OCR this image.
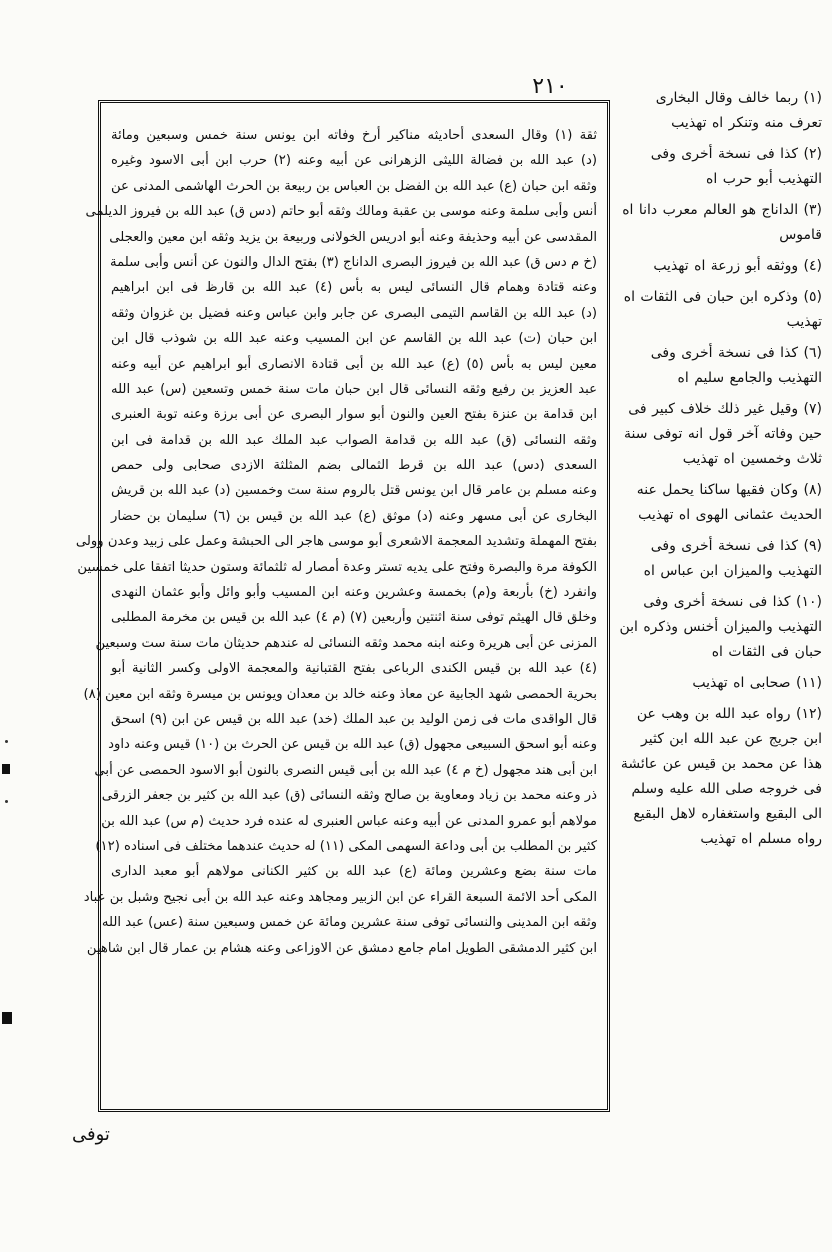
٢١٠
ثقة (١) وقال السعدى أحاديثه مناكير أرخ وفاته ابن يونس سنة خمس وسبعين ومائة
(د) عبد الله بن فضالة الليثى الزهرانى عن أبيه وعنه (٢) حرب ابن أبى الاسود وغيره
وثقه ابن حبان (ع) عبد الله بن الفضل بن العباس بن ربيعة بن الحرث الهاشمى المدنى عن
أنس وأبى سلمة وعنه موسى بن عقبة ومالك وثقه أبو حاتم (دس ق) عبد الله بن فيروز الديلمى
المقدسى عن أبيه وحذيفة وعنه أبو ادريس الخولانى وربيعة بن يزيد وثقه ابن معين والعجلى
(خ م دس ق) عبد الله بن فيروز البصرى الداناج (٣) بفتح الدال والنون عن أنس وأبى سلمة
وعنه قتادة وهمام قال النسائى ليس به بأس (٤) عبد الله بن قارظ فى ابن ابراهيم
(د) عبد الله بن القاسم التيمى البصرى عن جابر وابن عباس وعنه فضيل بن غزوان وثقه
ابن حبان (ت) عبد الله بن القاسم عن ابن المسيب وعنه عبد الله بن شوذب قال ابن
معين ليس به بأس (٥) (ع) عبد الله بن أبى قتادة الانصارى أبو ابراهيم عن أبيه وعنه
عبد العزيز بن رفيع وثقه النسائى قال ابن حبان مات سنة خمس وتسعين (س) عبد الله
ابن قدامة بن عنزة بفتح العين والنون أبو سوار البصرى عن أبى برزة وعنه توبة العنبرى
وثقه النسائى (ق) عبد الله بن قدامة الصواب عبد الملك عبد الله بن قدامة فى ابن
السعدى (دس) عبد الله بن قرط الثمالى بضم المثلثة الازدى صحابى ولى حمص
وعنه مسلم بن عامر قال ابن يونس قتل بالروم سنة ست وخمسين (د) عبد الله بن قريش
البخارى عن أبى مسهر وعنه (د) موثق (ع) عبد الله بن قيس بن (٦) سليمان بن حضار
بفتح المهملة وتشديد المعجمة الاشعرى أبو موسى هاجر الى الحبشة وعمل على زبيد وعدن وولى
الكوفة مرة والبصرة وفتح على يديه تستر وعدة أمصار له ثلثمائة وستون حديثا اتفقا على خمسين
وانفرد (خ) بأربعة و(م) بخمسة وعشرين وعنه ابن المسيب وأبو وائل وأبو عثمان النهدى
وخلق قال الهيثم توفى سنة اثنتين وأربعين (٧) (م ٤) عبد الله بن قيس بن مخرمة المطلبى
المزنى عن أبى هريرة وعنه ابنه محمد وثقه النسائى له عندهم حديثان مات سنة ست وسبعين
(٤) عبد الله بن قيس الكندى الرباعى بفتح القتبانية والمعجمة الاولى وكسر الثانية أبو
بحرية الحمصى شهد الجابية عن معاذ وعنه خالد بن معدان ويونس بن ميسرة وثقه ابن معين (٨)
قال الواقدى مات فى زمن الوليد بن عبد الملك (خد) عبد الله بن قيس عن ابن (٩) اسحق
وعنه أبو اسحق السبيعى مجهول (ق) عبد الله بن قيس عن الحرث بن (١٠) قيس وعنه داود
ابن أبى هند مجهول (خ م ٤) عبد الله بن أبى قيس النصرى بالنون أبو الاسود الحمصى عن أبى
ذر وعنه محمد بن زياد ومعاوية بن صالح وثقه النسائى (ق) عبد الله بن كثير بن جعفر الزرقى
مولاهم أبو عمرو المدنى عن أبيه وعنه عباس العنبرى له عنده فرد حديث (م س) عبد الله بن
كثير بن المطلب بن أبى وداعة السهمى المكى (١١) له حديث عندهما مختلف فى اسناده (١٢)
مات سنة بضع وعشرين ومائة (ع) عبد الله بن كثير الكنانى مولاهم أبو معبد الدارى
المكى أحد الائمة السبعة القراء عن ابن الزبير ومجاهد وعنه عبد الله بن أبى نجيح وشبل بن عباد
وثقه ابن المدينى والنسائى توفى سنة عشرين ومائة عن خمس وسبعين سنة (عس) عبد الله
ابن كثير الدمشقى الطويل امام جامع دمشق عن الاوزاعى وعنه هشام بن عمار قال ابن شاهين
(١) ربما خالف وقال البخارى تعرف منه وتنكر اه تهذيب
(٢) كذا فى نسخة أخرى وفى التهذيب أبو حرب اه
(٣) الداناج هو العالم معرب دانا اه قاموس
(٤) ووثقه أبو زرعة اه تهذيب
(٥) وذكره ابن حبان فى الثقات اه تهذيب
(٦) كذا فى نسخة أخرى وفى التهذيب والجامع سليم اه
(٧) وقيل غير ذلك خلاف كبير فى حين وفاته آخر قول انه توفى سنة ثلاث وخمسين اه تهذيب
(٨) وكان فقيها ساكنا يحمل عنه الحديث عثمانى الهوى اه تهذيب
(٩) كذا فى نسخة أخرى وفى التهذيب والميزان ابن عباس اه
(١٠) كذا فى نسخة أخرى وفى التهذيب والميزان أخنس وذكره ابن حبان فى الثقات اه
(١١) صحابى اه تهذيب
(١٢) رواه عبد الله بن وهب عن ابن جريج عن عبد الله ابن كثير هذا عن محمد بن قيس عن عائشة فى خروجه صلى الله عليه وسلم الى البقيع واستغفاره لاهل البقيع رواه مسلم اه تهذيب
توفى
